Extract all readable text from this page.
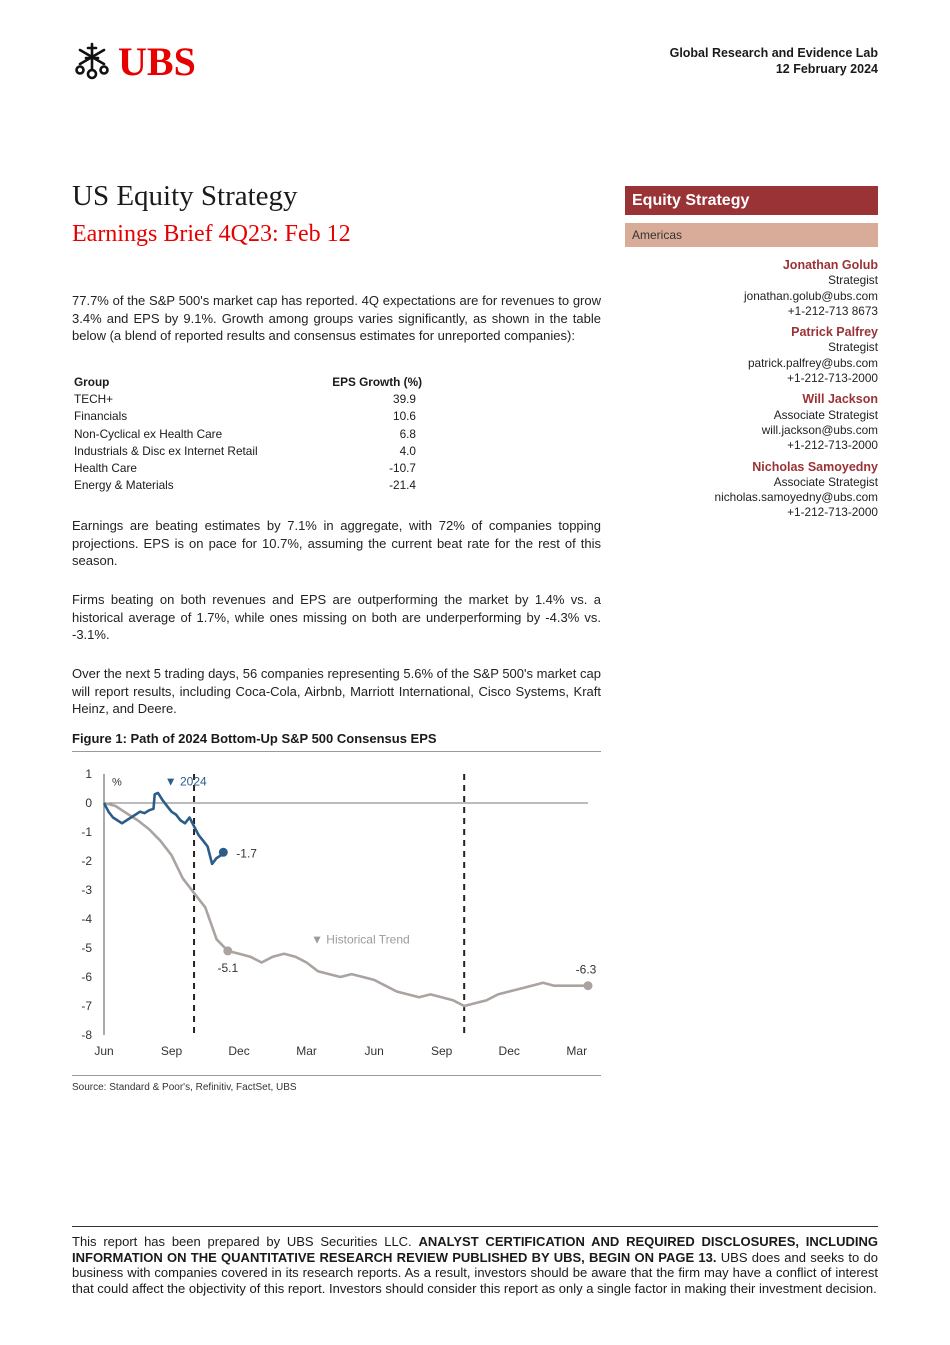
UBS	Global Research and Evidence Lab
12 February 2024
US Equity Strategy
Earnings Brief 4Q23: Feb 12
Equity Strategy
Americas
Jonathan Golub
Strategist
jonathan.golub@ubs.com
+1-212-713 8673
Patrick Palfrey
Strategist
patrick.palfrey@ubs.com
+1-212-713-2000
Will Jackson
Associate Strategist
will.jackson@ubs.com
+1-212-713-2000
Nicholas Samoyedny
Associate Strategist
nicholas.samoyedny@ubs.com
+1-212-713-2000
77.7% of the S&P 500's market cap has reported. 4Q expectations are for revenues to grow 3.4% and EPS by 9.1%. Growth among groups varies significantly, as shown in the table below (a blend of reported results and consensus estimates for unreported companies):
Group	EPS Growth (%)
TECH+	39.9
Financials	10.6
Non-Cyclical ex Health Care	6.8
Industrials & Disc ex Internet Retail	4.0
Health Care	-10.7
Energy & Materials	-21.4
Earnings are beating estimates by 7.1% in aggregate, with 72% of companies topping projections. EPS is on pace for 10.7%, assuming the current beat rate for the rest of this season.
Firms beating on both revenues and EPS are outperforming the market by 1.4% vs. a historical average of 1.7%, while ones missing on both are underperforming by -4.3% vs. -3.1%.
Over the next 5 trading days, 56 companies representing 5.6% of the S&P 500's market cap will report results, including Coca-Cola, Airbnb, Marriott International, Cisco Systems, Kraft Heinz, and Deere.
Figure 1: Path of 2024 Bottom-Up S&P 500 Consensus EPS
1
0
-1
-2
-3
-4
-5
-6
-7
-8
%
Jun	Sep	Dec	Mar	Jun	Sep	Dec	Mar
-5.1	-6.3
▼ Historical Trend
-1.7
▼ 2024
Source: Standard & Poor's, Refinitiv, FactSet, UBS
This report has been prepared by UBS Securities LLC. ANALYST CERTIFICATION AND REQUIRED DISCLOSURES, INCLUDING INFORMATION ON THE QUANTITATIVE RESEARCH REVIEW PUBLISHED BY UBS, BEGIN ON PAGE 13. UBS does and seeks to do business with companies covered in its research reports. As a result, investors should be aware that the firm may have a conflict of interest that could affect the objectivity of this report. Investors should consider this report as only a single factor in making their investment decision.
